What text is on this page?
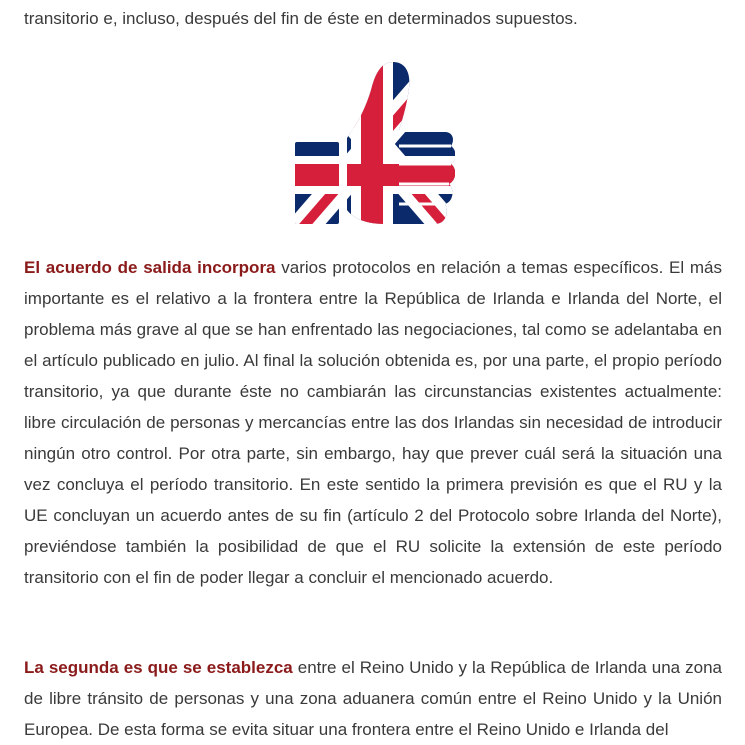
transitorio e, incluso, después del fin de éste en determinados supuestos.

El acuerdo de salida incorpora varios protocolos en relación a temas específicos. El más importante es el relativo a la frontera entre la República de Irlanda e Irlanda del Norte, el problema más grave al que se han enfrentado las negociaciones, tal como se adelantaba en el artículo publicado en julio. Al final la solución obtenida es, por una parte, el propio período transitorio, ya que durante éste no cambiarán las circunstancias existentes actualmente: libre circulación de personas y mercancías entre las dos Irlandas sin necesidad de introducir ningún otro control. Por otra parte, sin embargo, hay que prever cuál será la situación una vez concluya el período transitorio. En este sentido la primera previsión es que el RU y la UE concluyan un acuerdo antes de su fin (artículo 2 del Protocolo sobre Irlanda del Norte), previéndose también la posibilidad de que el RU solicite la extensión de este período transitorio con el fin de poder llegar a concluir el mencionado acuerdo.

La segunda es que se establezca entre el Reino Unido y la República de Irlanda una zona de libre tránsito de personas y una zona aduanera común entre el Reino Unido y la Unión Europea. De esta forma se evita situar una frontera entre el Reino Unido e Irlanda del
